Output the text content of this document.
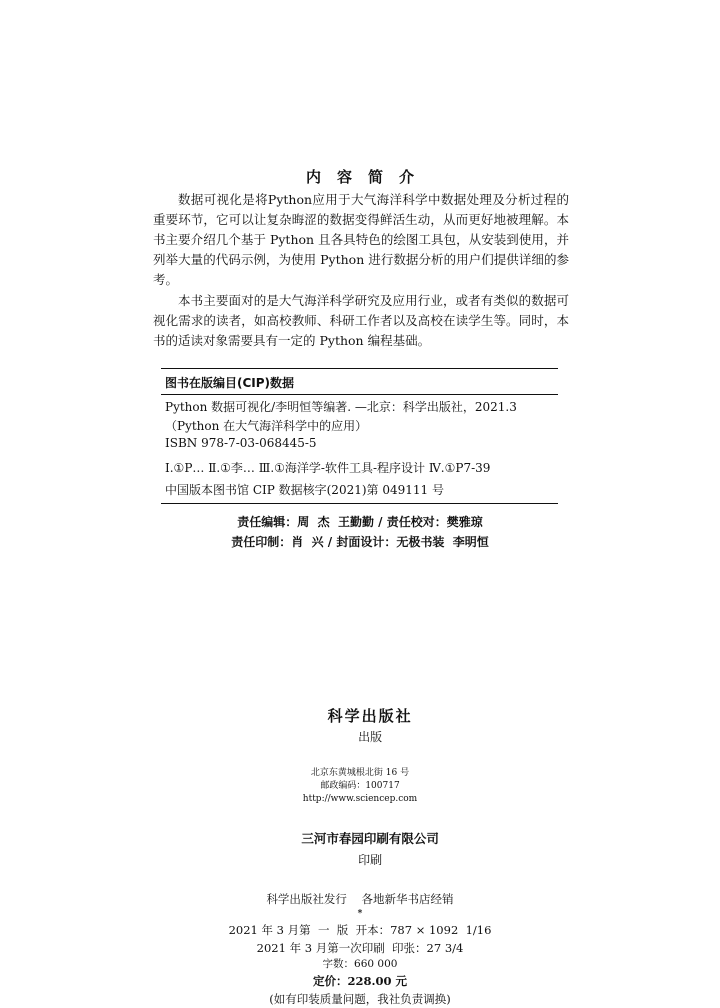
内容简介

数据可视化是将Python应用于大气海洋科学中数据处理及分析过程的重要环节，它可以让复杂晦涩的数据变得鲜活生动，从而更好地被理解。本书主要介绍几个基于 Python 且各具特色的绘图工具包，从安装到使用，并列举大量的代码示例，为使用 Python 进行数据分析的用户们提供详细的参考。

本书主要面对的是大气海洋科学研究及应用行业，或者有类似的数据可视化需求的读者，如高校教师、科研工作者以及高校在读学生等。同时，本书的适读对象需要具有一定的 Python 编程基础。

图书在版编目(CIP)数据
Python 数据可视化/李明恒等编著. —北京：科学出版社，2021.3
（Python 在大气海洋科学中的应用）
ISBN 978-7-03-068445-5
Ⅰ.①P… Ⅱ.①李… Ⅲ.①海洋学-软件工具-程序设计 Ⅳ.①P7-39
中国版本图书馆 CIP 数据核字(2021)第 049111 号
责任编辑：周  杰  王勤勤 / 责任校对：樊雅琼
责任印制：肖  兴 / 封面设计：无极书装  李明恒

科学出版社
出版

北京东黄城根北街 16 号
邮政编码：100717
http://www.sciencep.com

三河市春园印刷有限公司
印刷

科学出版社发行    各地新华书店经销
*
2021 年 3 月第  一  版  开本：787 × 1092  1/16
2021 年 3 月第一次印刷  印张：27 3/4
字数：660 000
定价：228.00 元
(如有印装质量问题，我社负责调换)
